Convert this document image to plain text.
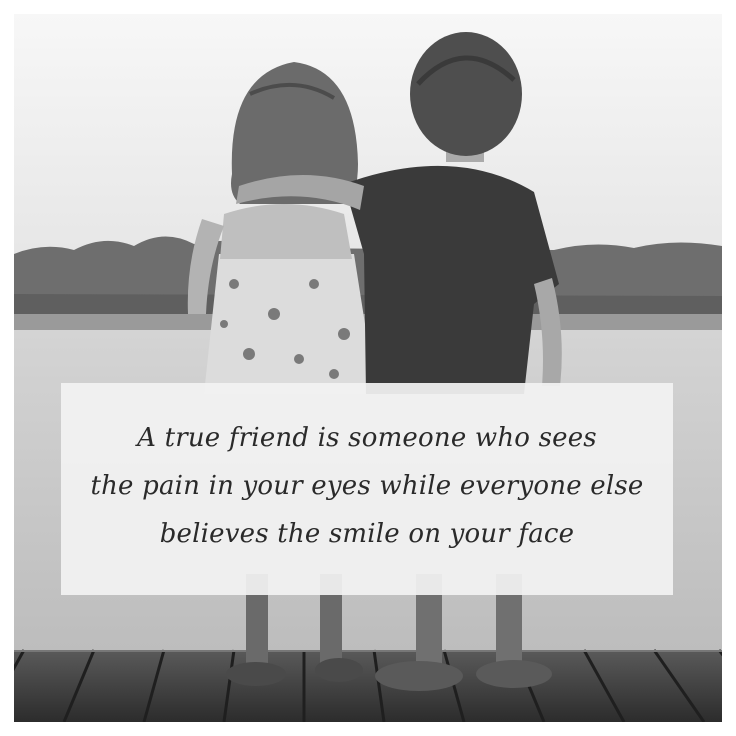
A true friend is someone who sees
the pain in your eyes while everyone else
believes the smile on your face
